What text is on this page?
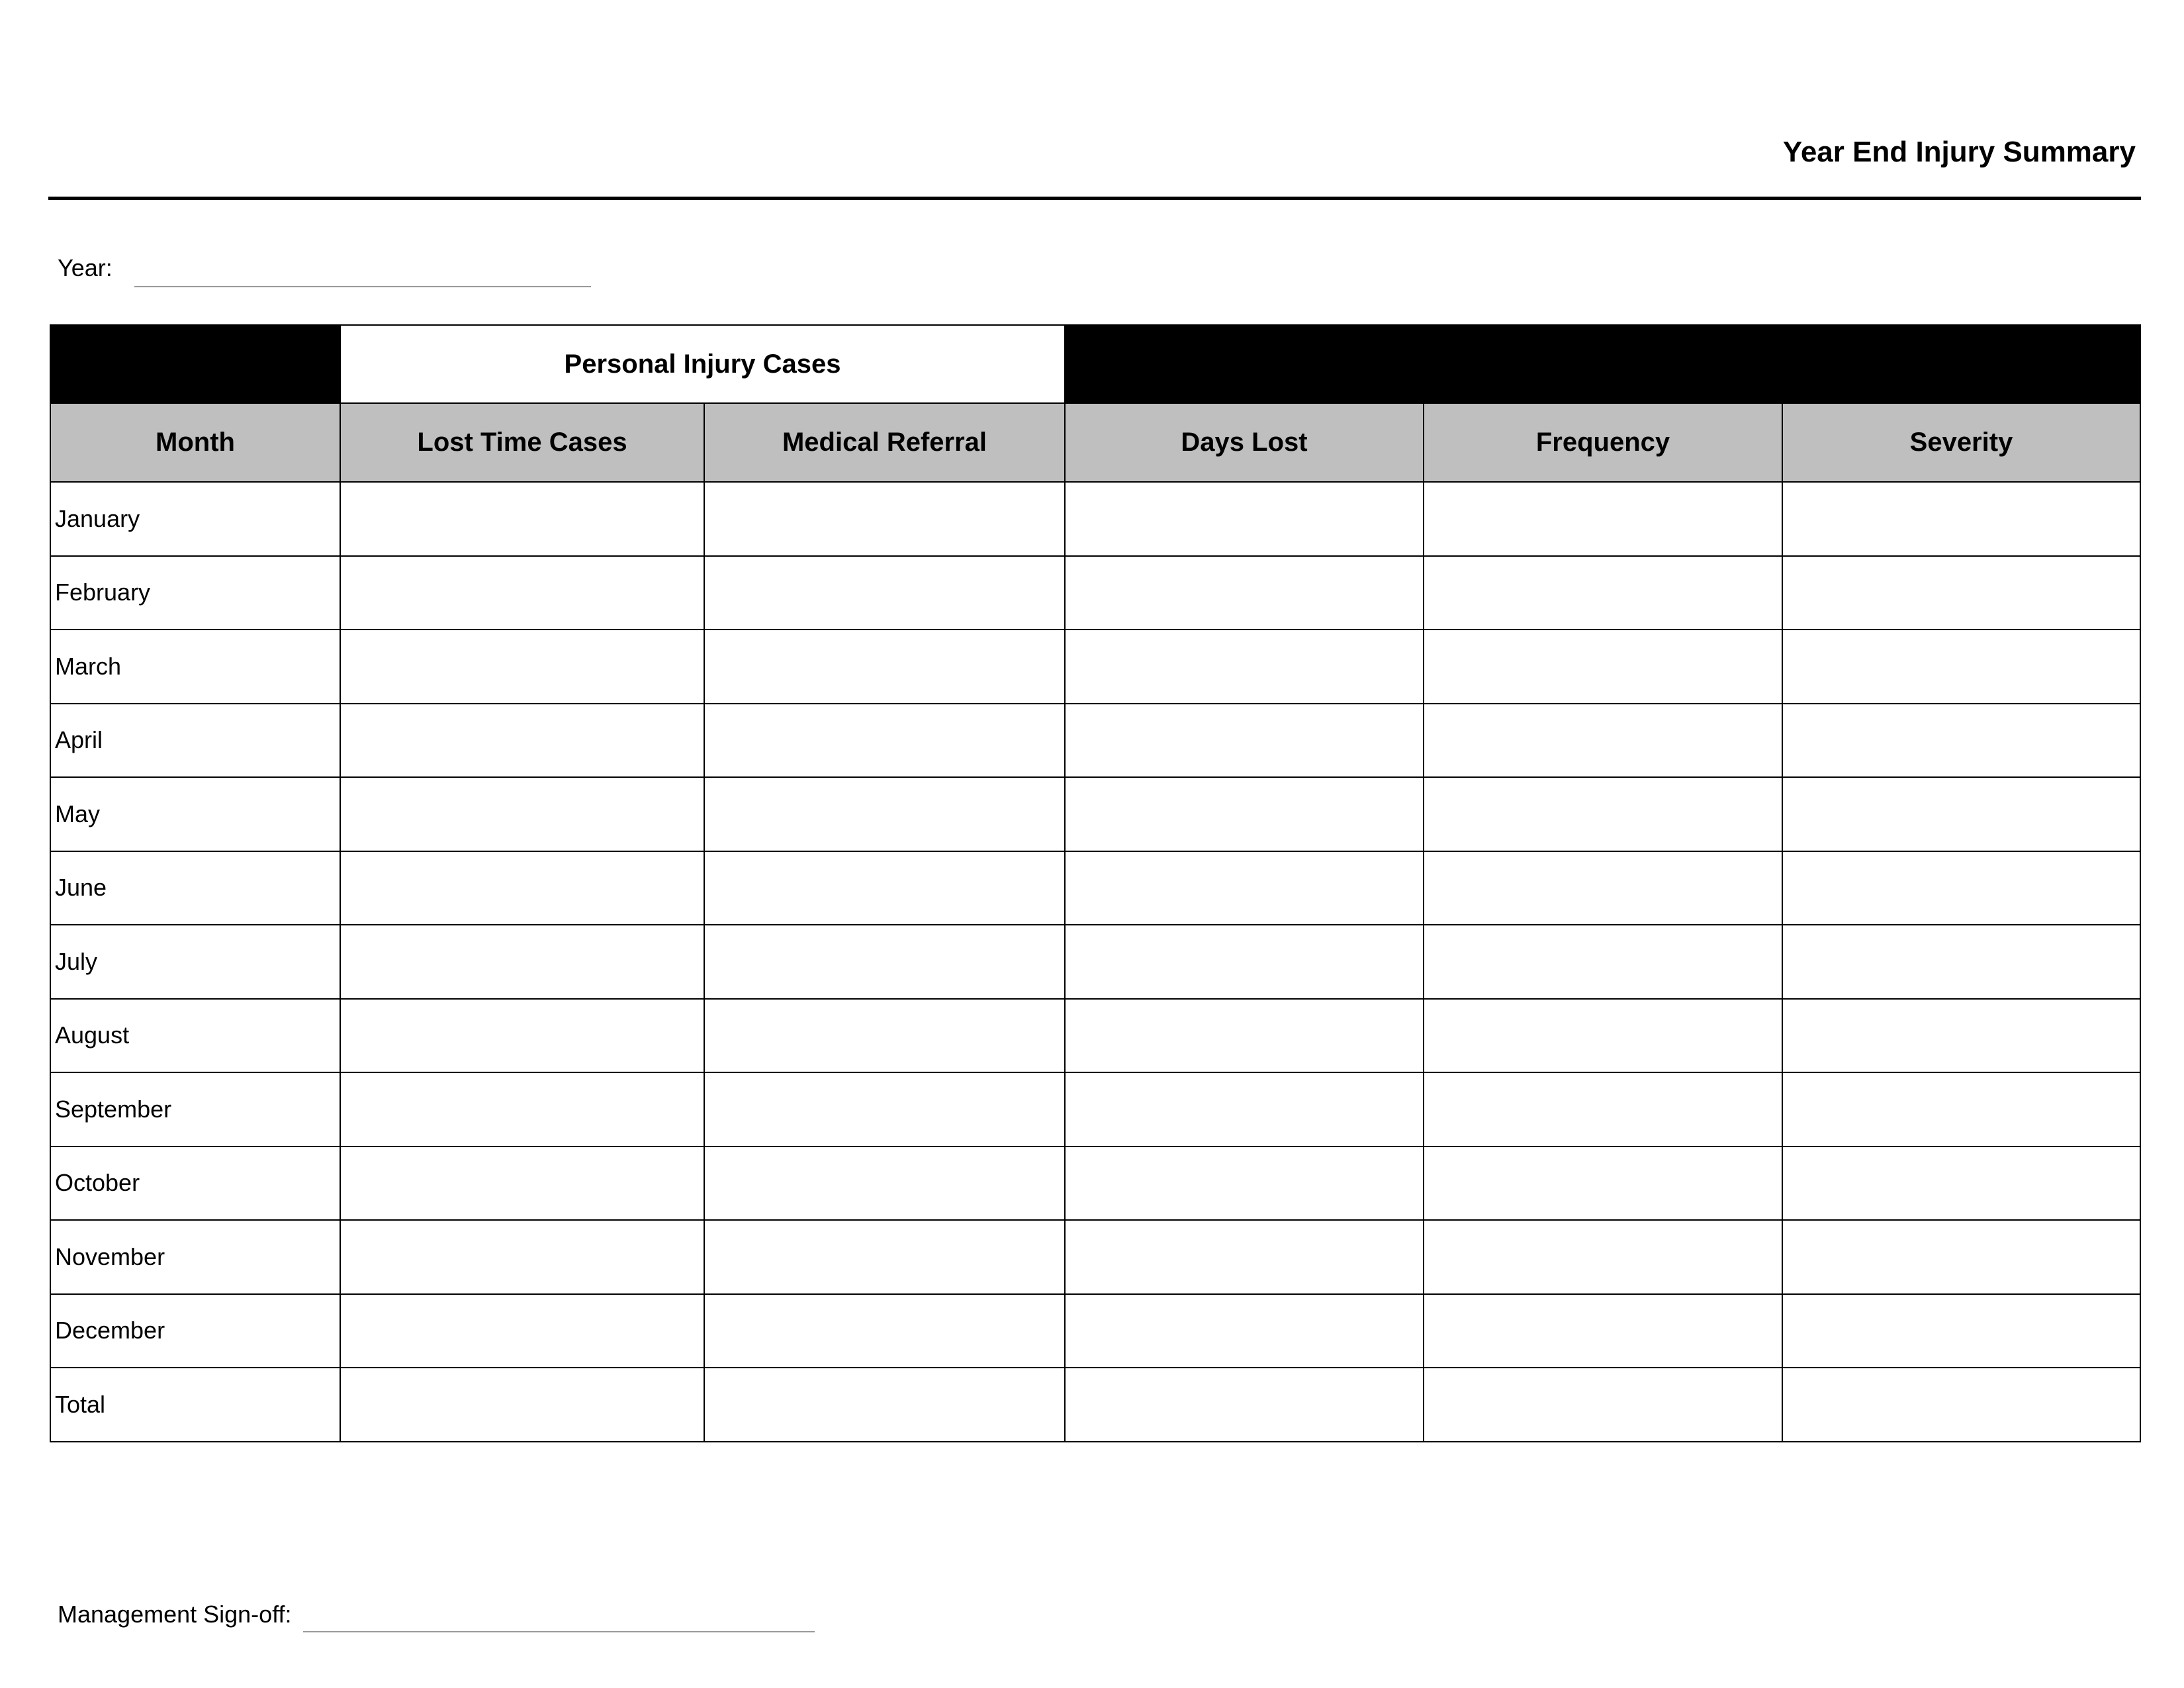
Year End Injury Summary
Year:
	Personal Injury Cases				
Month	Lost Time Cases	Medical Referral	Days Lost	Frequency	Severity
January					
February					
March					
April					
May					
June					
July					
August					
September					
October					
November					
December					
Total					
Management Sign-off:
